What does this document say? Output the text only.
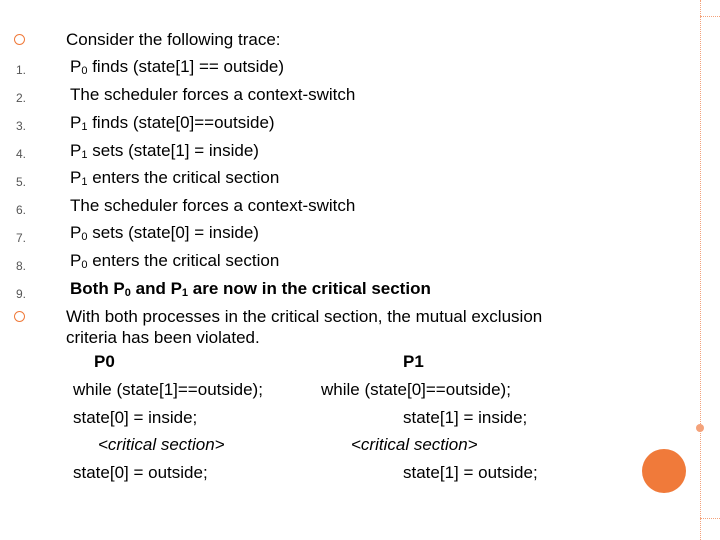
Consider the following trace:
1.	$P_0$ finds (state[1] == outside)
2.	The scheduler forces a context-switch
3.	$P_1$ finds (state[0]==outside)
4.	$P_1$ sets (state[1] = inside)
5.	$P_1$ enters the critical section
6.	The scheduler forces a context-switch
7.	$P_0$ sets (state[0] = inside)
8.	$P_0$ enters the critical section
9.	Both $P_0$ and $P_1$ are now in the critical section
With both processes in the critical section, the mutual exclusion
criteria has been violated.
P0	P1
while (state[1]==outside);	while (state[0]==outside);
state[0] = inside;	state[1] = inside;
<critical section>	<critical section>
state[0] = outside;	state[1] = outside;
